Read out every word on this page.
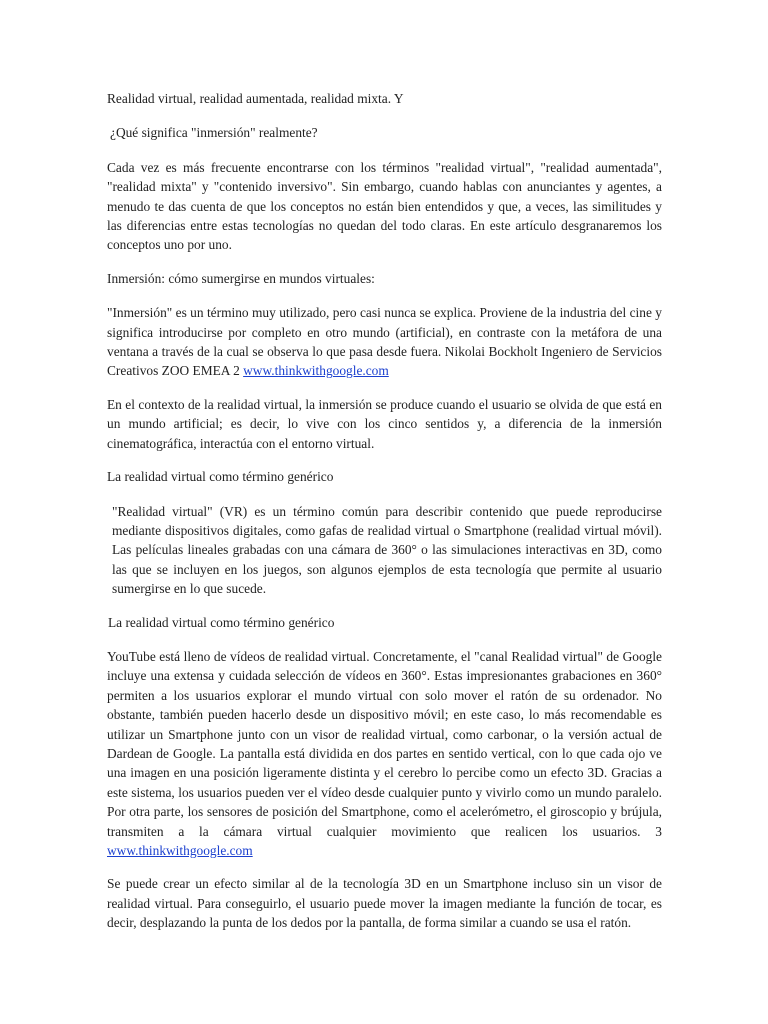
Realidad virtual, realidad aumentada, realidad mixta. Y
¿Qué significa "inmersión" realmente?

Cada vez es más frecuente encontrarse con los términos "realidad virtual", "realidad aumentada", "realidad mixta" y "contenido inversivo". Sin embargo, cuando hablas con anunciantes y agentes, a menudo te das cuenta de que los conceptos no están bien entendidos y que, a veces, las similitudes y las diferencias entre estas tecnologías no quedan del todo claras. En este artículo desgranaremos los conceptos uno por uno.

Inmersión: cómo sumergirse en mundos virtuales:

"Inmersión" es un término muy utilizado, pero casi nunca se explica. Proviene de la industria del cine y significa introducirse por completo en otro mundo (artificial), en contraste con la metáfora de una ventana a través de la cual se observa lo que pasa desde fuera. Nikolai Bockholt Ingeniero de Servicios Creativos ZOO EMEA 2 www.thinkwithgoogle.com

En el contexto de la realidad virtual, la inmersión se produce cuando el usuario se olvida de que está en un mundo artificial; es decir, lo vive con los cinco sentidos y, a diferencia de la inmersión cinematográfica, interactúa con el entorno virtual.

La realidad virtual como término genérico

"Realidad virtual" (VR) es un término común para describir contenido que puede reproducirse mediante dispositivos digitales, como gafas de realidad virtual o Smartphone (realidad virtual móvil). Las películas lineales grabadas con una cámara de 360° o las simulaciones interactivas en 3D, como las que se incluyen en los juegos, son algunos ejemplos de esta tecnología que permite al usuario sumergirse en lo que sucede.

La realidad virtual como término genérico

YouTube está lleno de vídeos de realidad virtual. Concretamente, el "canal Realidad virtual" de Google incluye una extensa y cuidada selección de vídeos en 360°. Estas impresionantes grabaciones en 360° permiten a los usuarios explorar el mundo virtual con solo mover el ratón de su ordenador. No obstante, también pueden hacerlo desde un dispositivo móvil; en este caso, lo más recomendable es utilizar un Smartphone junto con un visor de realidad virtual, como carbonar, o la versión actual de Dardean de Google. La pantalla está dividida en dos partes en sentido vertical, con lo que cada ojo ve una imagen en una posición ligeramente distinta y el cerebro lo percibe como un efecto 3D. Gracias a este sistema, los usuarios pueden ver el vídeo desde cualquier punto y vivirlo como un mundo paralelo. Por otra parte, los sensores de posición del Smartphone, como el acelerómetro, el giroscopio y brújula, transmiten a la cámara virtual cualquier movimiento que realicen los usuarios. 3 www.thinkwithgoogle.com

Se puede crear un efecto similar al de la tecnología 3D en un Smartphone incluso sin un visor de realidad virtual. Para conseguirlo, el usuario puede mover la imagen mediante la función de tocar, es decir, desplazando la punta de los dedos por la pantalla, de forma similar a cuando se usa el ratón.
